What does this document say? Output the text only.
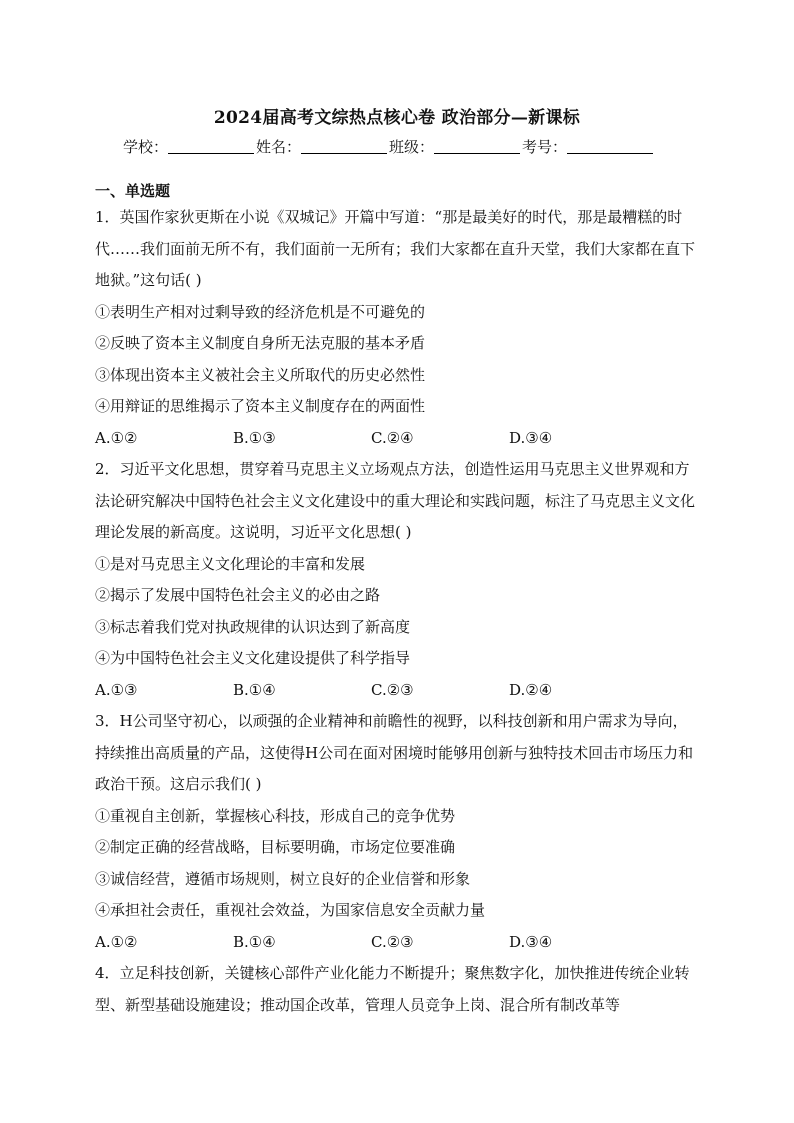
2024届高考文综热点核心卷 政治部分—新课标
学校：	姓名：	班级：	考号：
一、单选题
1．英国作家狄更斯在小说《双城记》开篇中写道：“那是最美好的时代，那是最糟糕的时代……我们面前无所不有，我们面前一无所有；我们大家都在直升天堂，我们大家都在直下地狱。”这句话( )
①表明生产相对过剩导致的经济危机是不可避免的
②反映了资本主义制度自身所无法克服的基本矛盾
③体现出资本主义被社会主义所取代的历史必然性
④用辩证的思维揭示了资本主义制度存在的两面性
A.①②	B.①③	C.②④	D.③④
2．习近平文化思想，贯穿着马克思主义立场观点方法，创造性运用马克思主义世界观和方法论研究解决中国特色社会主义文化建设中的重大理论和实践问题，标注了马克思主义文化理论发展的新高度。这说明，习近平文化思想( )
①是对马克思主义文化理论的丰富和发展
②揭示了发展中国特色社会主义的必由之路
③标志着我们党对执政规律的认识达到了新高度
④为中国特色社会主义文化建设提供了科学指导
A.①③	B.①④	C.②③	D.②④
3．H公司坚守初心，以顽强的企业精神和前瞻性的视野，以科技创新和用户需求为导向，持续推出高质量的产品，这使得H公司在面对困境时能够用创新与独特技术回击市场压力和政治干预。这启示我们( )
①重视自主创新，掌握核心科技，形成自己的竞争优势
②制定正确的经营战略，目标要明确，市场定位要准确
③诚信经营，遵循市场规则，树立良好的企业信誉和形象
④承担社会责任，重视社会效益，为国家信息安全贡献力量
A.①②	B.①④	C.②③	D.③④
4．立足科技创新，关键核心部件产业化能力不断提升；聚焦数字化，加快推进传统企业转型、新型基础设施建设；推动国企改革，管理人员竞争上岗、混合所有制改革等
